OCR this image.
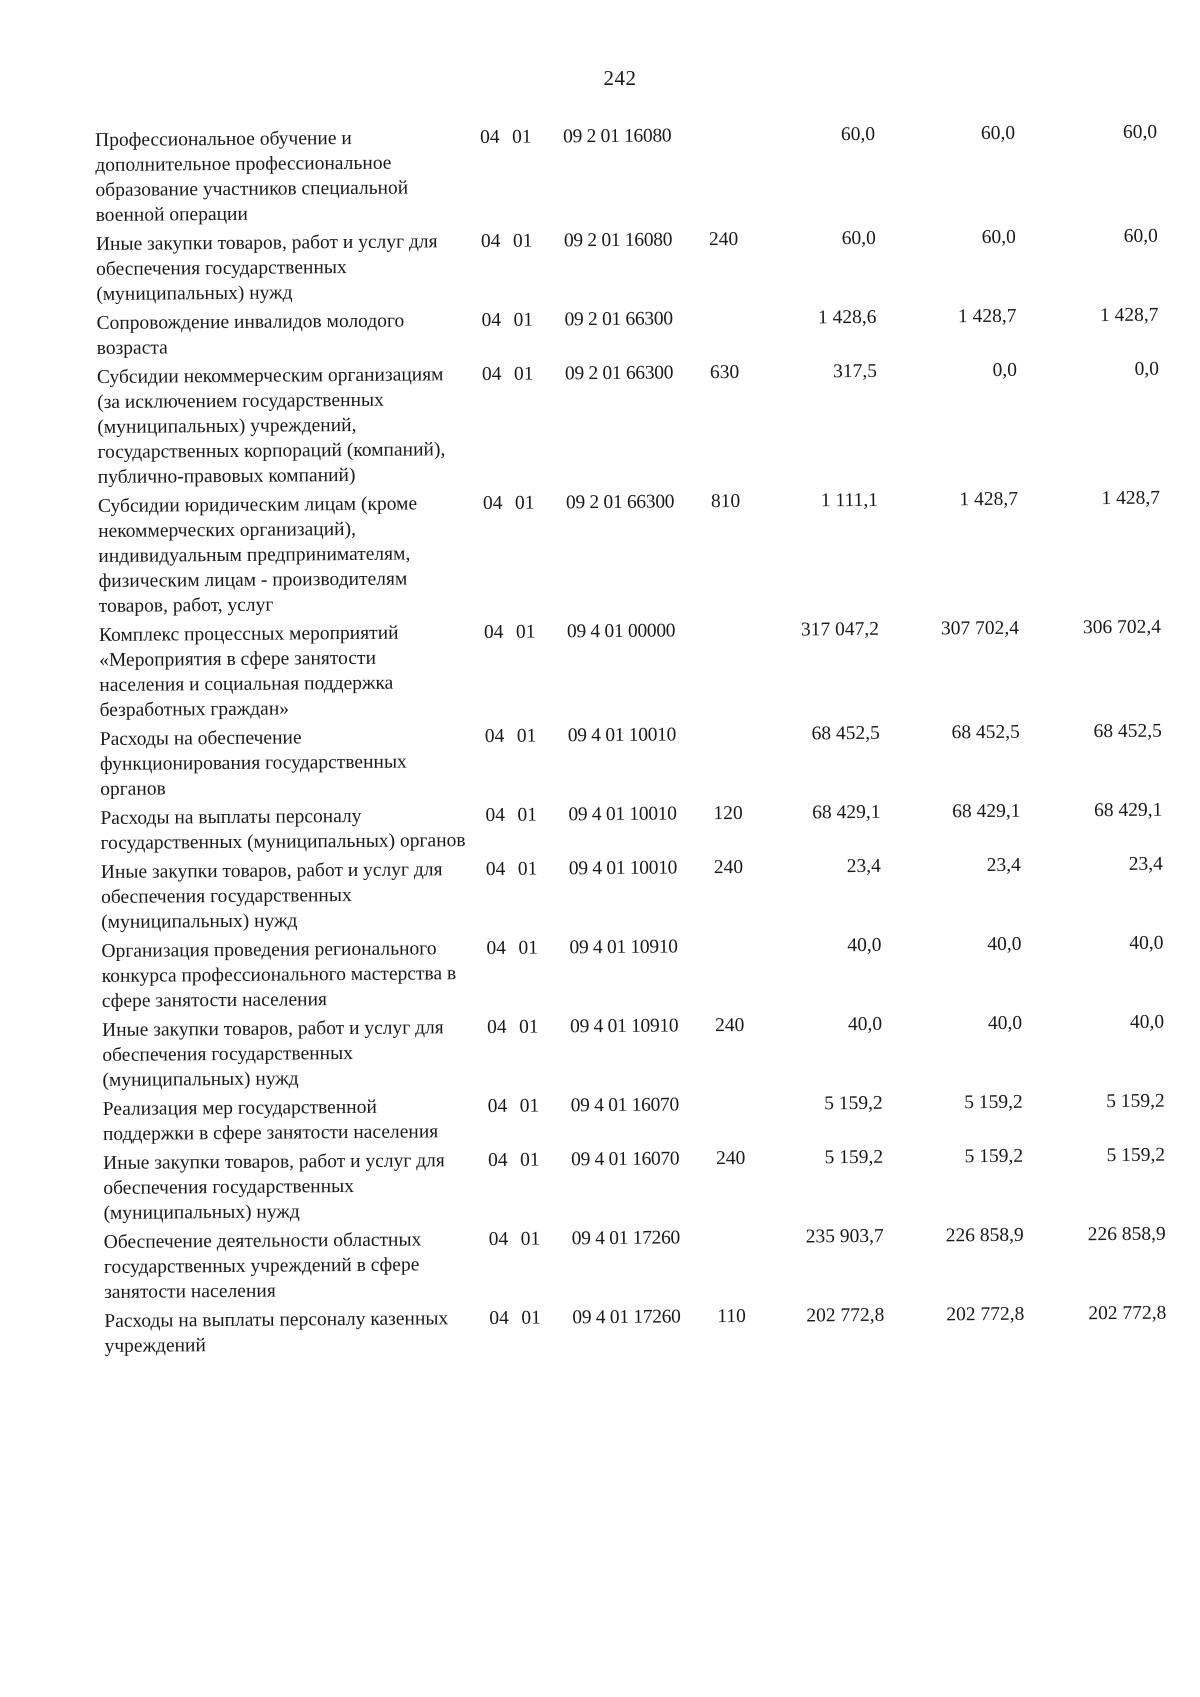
242
Профессиональное обучение и дополнительное профессиональное образование участников специальной военной операции
04 01 09 2 01 16080	60,0	60,0	60,0
Иные закупки товаров, работ и услуг для обеспечения государственных (муниципальных) нужд
04 01 09 2 01 16080 240	60,0	60,0	60,0
Сопровождение инвалидов молодого возраста
04 01 09 2 01 66300	1 428,6	1 428,7	1 428,7
Субсидии некоммерческим организациям (за исключением государственных (муниципальных) учреждений, государственных корпораций (компаний), публично-правовых компаний)
04 01 09 2 01 66300 630	317,5	0,0	0,0
Субсидии юридическим лицам (кроме некоммерческих организаций), индивидуальным предпринимателям, физическим лицам - производителям товаров, работ, услуг
04 01 09 2 01 66300 810	1 111,1	1 428,7	1 428,7
Комплекс процессных мероприятий «Мероприятия в сфере занятости населения и социальная поддержка безработных граждан»
04 01 09 4 01 00000	317 047,2	307 702,4	306 702,4
Расходы на обеспечение функционирования государственных органов
04 01 09 4 01 10010	68 452,5	68 452,5	68 452,5
Расходы на выплаты персоналу государственных (муниципальных) органов
04 01 09 4 01 10010 120	68 429,1	68 429,1	68 429,1
Иные закупки товаров, работ и услуг для обеспечения государственных (муниципальных) нужд
04 01 09 4 01 10010 240	23,4	23,4	23,4
Организация проведения регионального конкурса профессионального мастерства в сфере занятости населения
04 01 09 4 01 10910	40,0	40,0	40,0
Иные закупки товаров, работ и услуг для обеспечения государственных (муниципальных) нужд
04 01 09 4 01 10910 240	40,0	40,0	40,0
Реализация мер государственной поддержки в сфере занятости населения
04 01 09 4 01 16070	5 159,2	5 159,2	5 159,2
Иные закупки товаров, работ и услуг для обеспечения государственных (муниципальных) нужд
04 01 09 4 01 16070 240	5 159,2	5 159,2	5 159,2
Обеспечение деятельности областных государственных учреждений в сфере занятости населения
04 01 09 4 01 17260	235 903,7	226 858,9	226 858,9
Расходы на выплаты персоналу казенных учреждений
04 01 09 4 01 17260 110	202 772,8	202 772,8	202 772,8
